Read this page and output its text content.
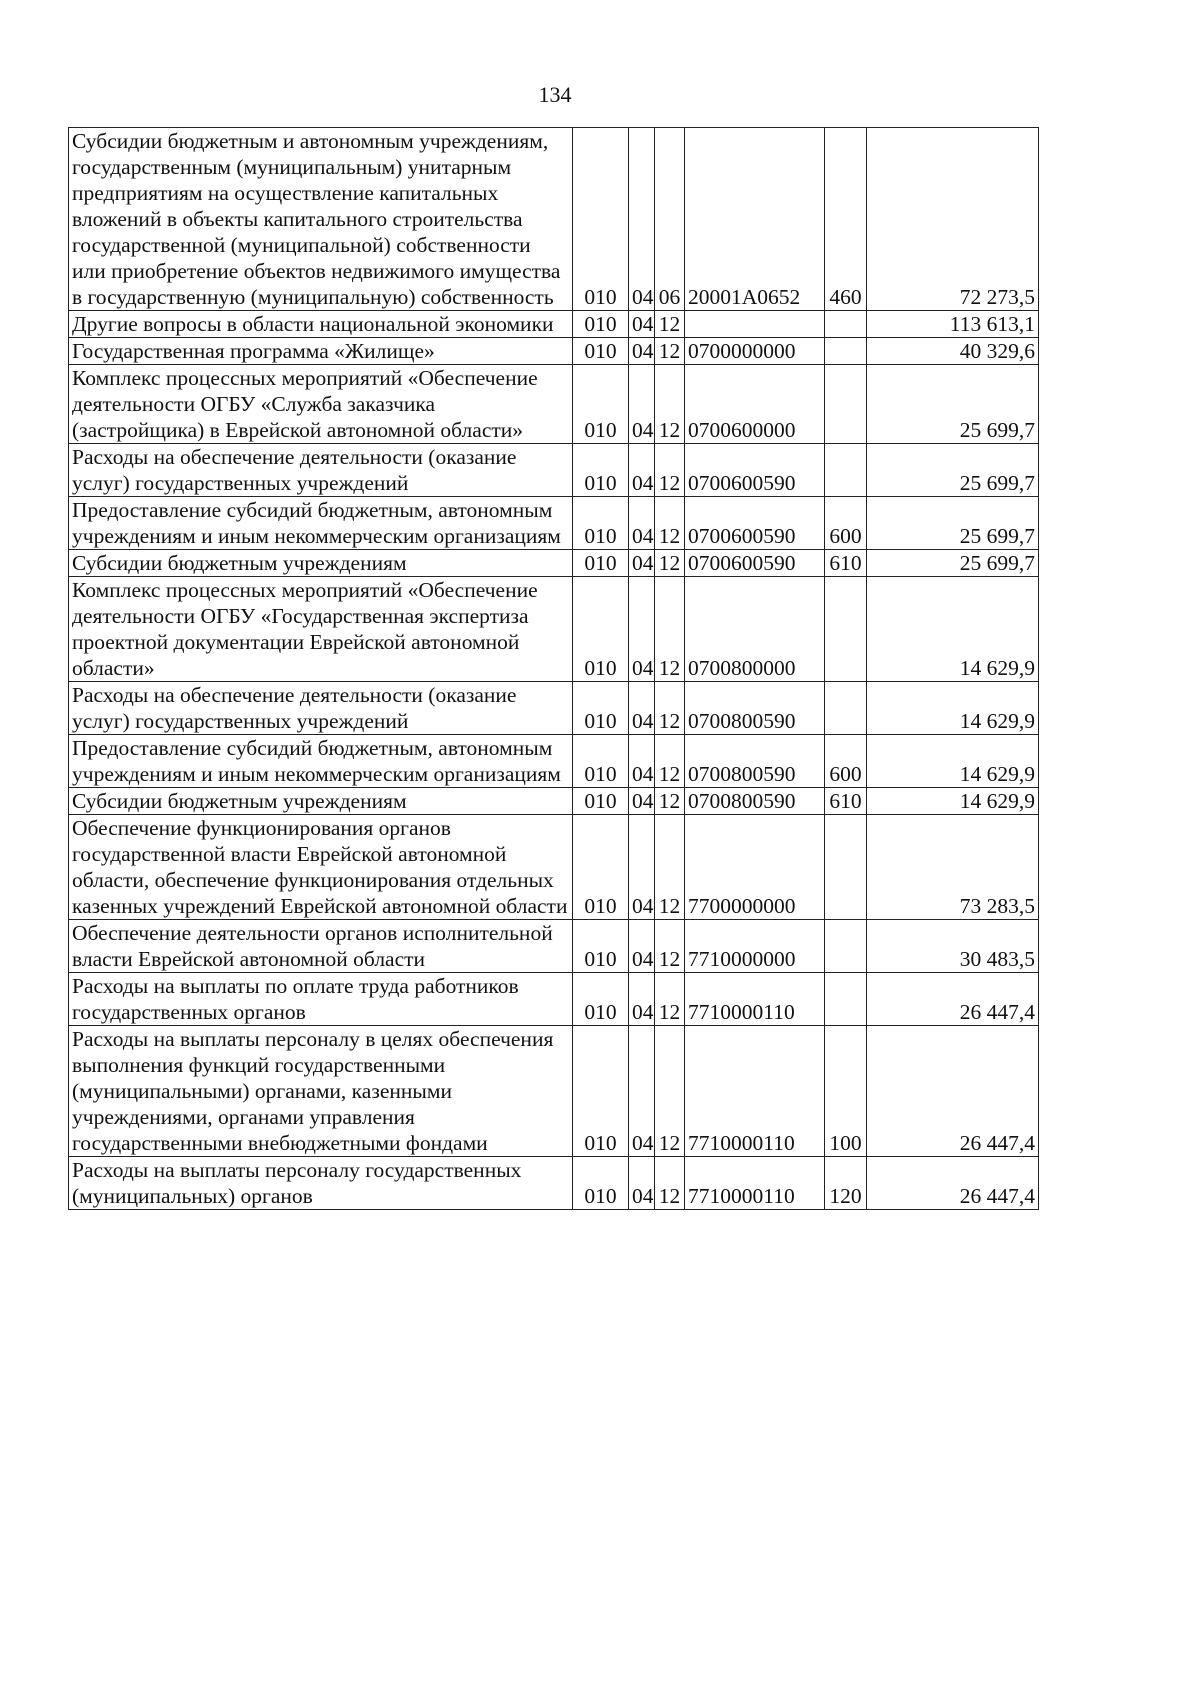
134
Субсидии бюджетным и автономным учреждениям, государственным (муниципальным) унитарным предприятиям на осуществление капитальных вложений в объекты капитального строительства государственной (муниципальной) собственности или приобретение объектов недвижимого имущества в государственную (муниципальную) собственность	010	04	06	20001A0652	460	72 273,5
Другие вопросы в области национальной экономики	010	04	12			113 613,1
Государственная программа «Жилище»	010	04	12	0700000000		40 329,6
Комплекс процессных мероприятий «Обеспечение деятельности ОГБУ «Служба заказчика (застройщика) в Еврейской автономной области»	010	04	12	0700600000		25 699,7
Расходы на обеспечение деятельности (оказание услуг) государственных учреждений	010	04	12	0700600590		25 699,7
Предоставление субсидий бюджетным, автономным учреждениям и иным некоммерческим организациям	010	04	12	0700600590	600	25 699,7
Субсидии бюджетным учреждениям	010	04	12	0700600590	610	25 699,7
Комплекс процессных мероприятий «Обеспечение деятельности ОГБУ «Государственная экспертиза проектной документации Еврейской автономной области»	010	04	12	0700800000		14 629,9
Расходы на обеспечение деятельности (оказание услуг) государственных учреждений	010	04	12	0700800590		14 629,9
Предоставление субсидий бюджетным, автономным учреждениям и иным некоммерческим организациям	010	04	12	0700800590	600	14 629,9
Субсидии бюджетным учреждениям	010	04	12	0700800590	610	14 629,9
Обеспечение функционирования органов государственной власти Еврейской автономной области, обеспечение функционирования отдельных казенных учреждений Еврейской автономной области	010	04	12	7700000000		73 283,5
Обеспечение деятельности органов исполнительной власти Еврейской автономной области	010	04	12	7710000000		30 483,5
Расходы на выплаты по оплате труда работников государственных органов	010	04	12	7710000110		26 447,4
Расходы на выплаты персоналу в целях обеспечения выполнения функций государственными (муниципальными) органами, казенными учреждениями, органами управления государственными внебюджетными фондами	010	04	12	7710000110	100	26 447,4
Расходы на выплаты персоналу государственных (муниципальных) органов	010	04	12	7710000110	120	26 447,4
